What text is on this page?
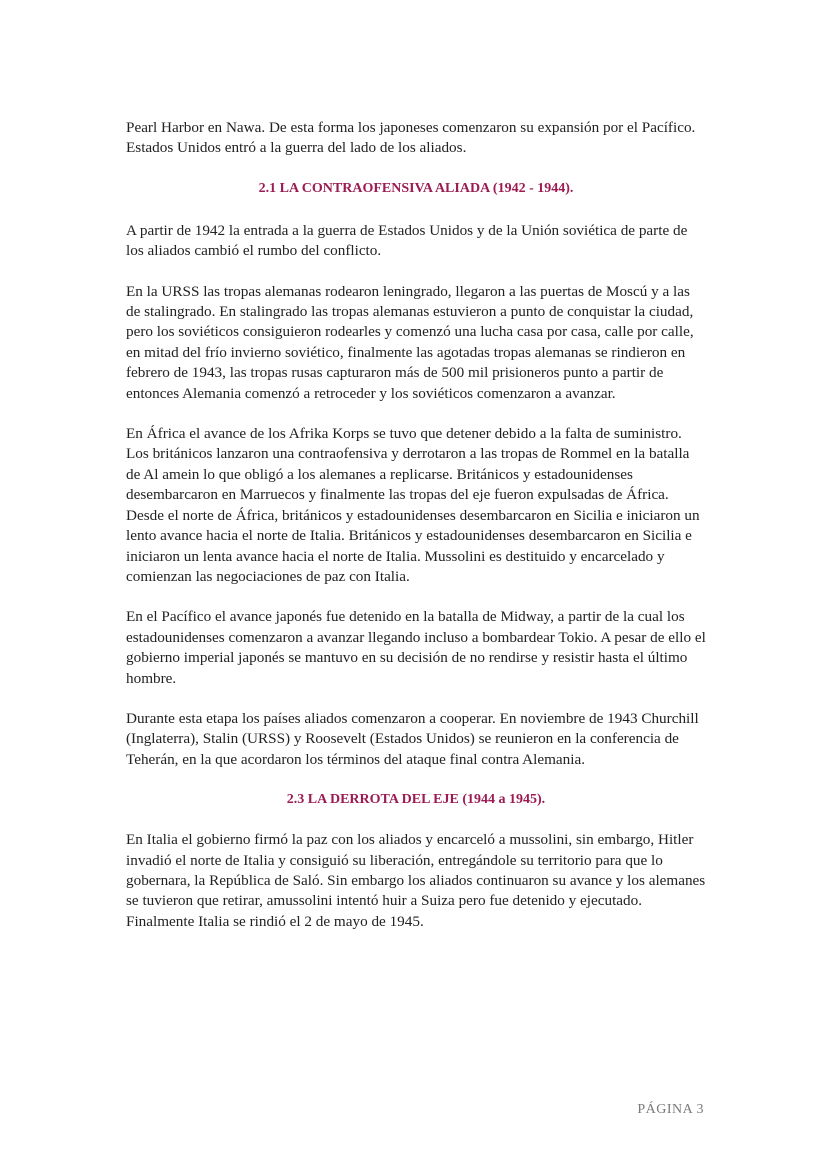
Pearl Harbor en Nawa. De esta forma los japoneses comenzaron su expansión por el Pacífico. Estados Unidos entró a la guerra del lado de los aliados.

2.1 LA CONTRAOFENSIVA ALIADA (1942 - 1944).

A partir de 1942 la entrada a la guerra de Estados Unidos y de la Unión soviética de parte de los aliados cambió el rumbo del conflicto.

En la URSS las tropas alemanas rodearon leningrado, llegaron a las puertas de Moscú y a las de stalingrado. En stalingrado las tropas alemanas estuvieron a punto de conquistar la ciudad, pero los soviéticos consiguieron rodearles y comenzó una lucha casa por casa, calle por calle, en mitad del frío invierno soviético, finalmente las agotadas tropas alemanas se rindieron en febrero de 1943, las tropas rusas capturaron más de 500 mil prisioneros punto a partir de entonces Alemania comenzó a retroceder y los soviéticos comenzaron a avanzar.

En África el avance de los Afrika Korps se tuvo que detener debido a la falta de suministro. Los británicos lanzaron una contraofensiva y derrotaron a las tropas de Rommel en la batalla de Al amein lo que obligó a los alemanes a replicarse. Británicos y estadounidenses desembarcaron en Marruecos y finalmente las tropas del eje fueron expulsadas de África. Desde el norte de África, británicos y estadounidenses desembarcaron en Sicilia e iniciaron un lento avance hacia el norte de Italia. Británicos y estadounidenses desembarcaron en Sicilia e iniciaron un lenta avance hacia el norte de Italia. Mussolini es destituido y encarcelado y comienzan las negociaciones de paz con Italia.

En el Pacífico el avance japonés fue detenido en la batalla de Midway, a partir de la cual los estadounidenses comenzaron a avanzar llegando incluso a bombardear Tokio. A pesar de ello el gobierno imperial japonés se mantuvo en su decisión de no rendirse y resistir hasta el último hombre.

Durante esta etapa los países aliados comenzaron a cooperar. En noviembre de 1943 Churchill (Inglaterra), Stalin (URSS) y Roosevelt (Estados Unidos) se reunieron en la conferencia de Teherán, en la que acordaron los términos del ataque final contra Alemania.

2.3 LA DERROTA DEL EJE (1944 a 1945).

En Italia el gobierno firmó la paz con los aliados y encarceló a mussolini, sin embargo, Hitler invadió el norte de Italia y consiguió su liberación, entregándole su territorio para que lo gobernara, la República de Saló. Sin embargo los aliados continuaron su avance y los alemanes se tuvieron que retirar, amussolini intentó huir a Suiza pero fue detenido y ejecutado. Finalmente Italia se rindió el 2 de mayo de 1945.

PÁGINA 3
